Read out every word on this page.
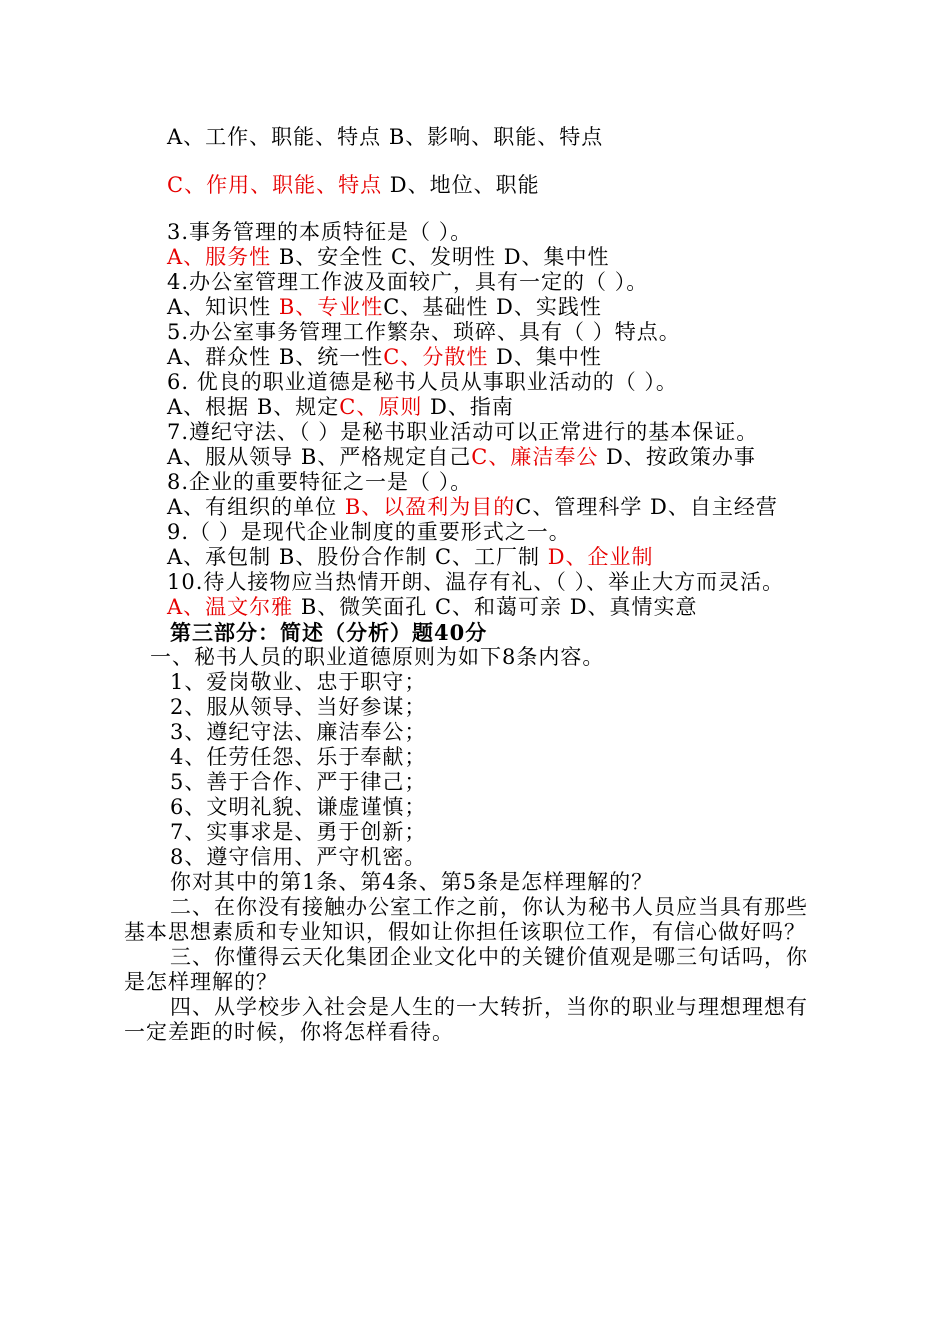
A、工作、职能、特点 B、影响、职能、特点
C、作用、职能、特点 D、地位、职能
3.事务管理的本质特征是（ ）。
A、服务性 B、安全性 C、发明性 D、集中性
4.办公室管理工作波及面较广，具有一定的（ ）。
A、知识性 B、专业性C、基础性 D、实践性
5.办公室事务管理工作繁杂、琐碎、具有（ ）特点。
A、群众性 B、统一性C、分散性 D、集中性
6. 优良的职业道德是秘书人员从事职业活动的（ ）。
A、根据 B、规定C、原则 D、指南
7.遵纪守法、（ ）是秘书职业活动可以正常进行的基本保证。
A、服从领导 B、严格规定自己C、廉洁奉公 D、按政策办事
8.企业的重要特征之一是（ ）。
A、有组织的单位 B、以盈利为目的C、管理科学 D、自主经营
9.（ ）是现代企业制度的重要形式之一。
A、承包制 B、股份合作制 C、工厂制 D、企业制
10.待人接物应当热情开朗、温存有礼、（ ）、举止大方而灵活。
A、温文尔雅 B、微笑面孔 C、和蔼可亲 D、真情实意
第三部分：简述（分析）题40分
一、秘书人员的职业道德原则为如下8条内容。
1、爱岗敬业、忠于职守；
2、服从领导、当好参谋；
3、遵纪守法、廉洁奉公；
4、任劳任怨、乐于奉献；
5、善于合作、严于律己；
6、文明礼貌、谦虚谨慎；
7、实事求是、勇于创新；
8、遵守信用、严守机密。
你对其中的第1条、第4条、第5条是怎样理解的？
二、在你没有接触办公室工作之前，你认为秘书人员应当具有那些基本思想素质和专业知识，假如让你担任该职位工作，有信心做好吗？
三、你懂得云天化集团企业文化中的关键价值观是哪三句话吗，你是怎样理解的？
四、从学校步入社会是人生的一大转折，当你的职业与理想理想有一定差距的时候，你将怎样看待。
